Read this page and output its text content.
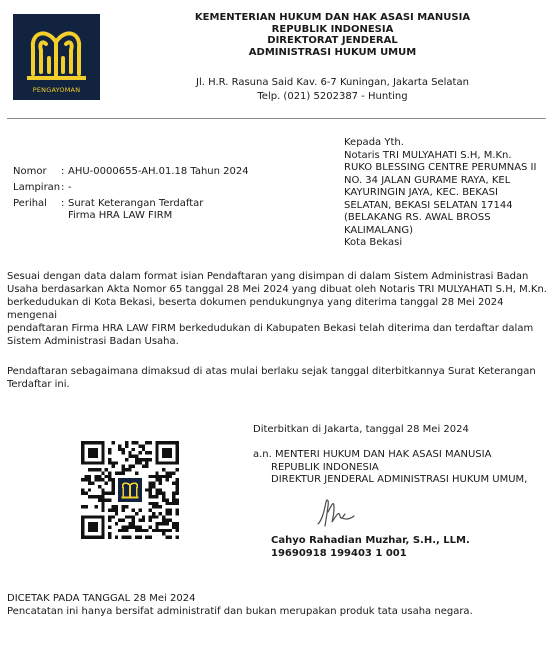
PENGAYOMAN
KEMENTERIAN HUKUM DAN HAK ASASI MANUSIA
REPUBLIK INDONESIA
DIREKTORAT JENDERAL
ADMINISTRASI HUKUM UMUM
Jl. H.R. Rasuna Said Kav. 6-7 Kuningan, Jakarta Selatan
Telp. (021) 5202387 - Hunting
Kepada Yth.
Notaris TRI MULYAHATI S.H, M.Kn.
RUKO BLESSING CENTRE PERUMNAS II
NO. 34 JALAN GURAME RAYA, KEL
KAYURINGIN JAYA, KEC. BEKASI
SELATAN, BEKASI SELATAN 17144
(BELAKANG RS. AWAL BROSS
KALIMALANG)
Kota Bekasi
Nomor : AHU-0000655-AH.01.18 Tahun 2024
Lampiran : -
Perihal : Surat Keterangan Terdaftar
Firma HRA LAW FIRM
Sesuai dengan data dalam format isian Pendaftaran yang disimpan di dalam Sistem Administrasi Badan
Usaha berdasarkan Akta Nomor 65 tanggal 28 Mei 2024 yang dibuat oleh Notaris TRI MULYAHATI S.H, M.Kn.
berkedudukan di Kota Bekasi, beserta dokumen pendukungnya yang diterima tanggal 28 Mei 2024 mengenai
pendaftaran Firma HRA LAW FIRM berkedudukan di Kabupaten Bekasi telah diterima dan terdaftar dalam
Sistem Administrasi Badan Usaha.
Pendaftaran sebagaimana dimaksud di atas mulai berlaku sejak tanggal diterbitkannya Surat Keterangan
Terdaftar ini.
Diterbitkan di Jakarta, tanggal 28 Mei 2024
a.n. MENTERI HUKUM DAN HAK ASASI MANUSIA
REPUBLIK INDONESIA
DIREKTUR JENDERAL ADMINISTRASI HUKUM UMUM,
Cahyo Rahadian Muzhar, S.H., LLM.
19690918 199403 1 001
DICETAK PADA TANGGAL 28 Mei 2024
Pencatatan ini hanya bersifat administratif dan bukan merupakan produk tata usaha negara.
